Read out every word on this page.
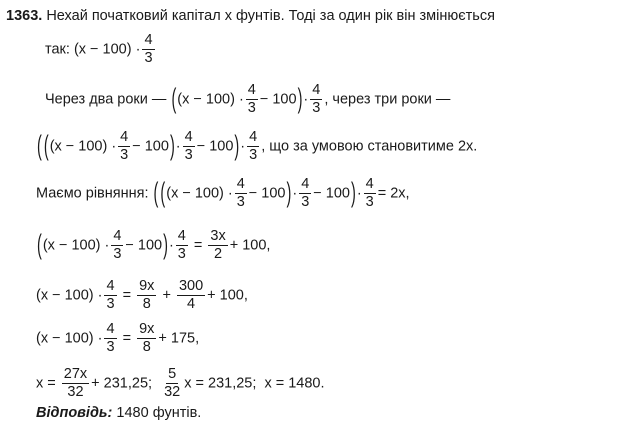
1363. Нехай початковий капітал x фунтів. Тоді за один рік він змінюється
так: $(x - 100) \cdot \frac{4}{3}$
Через два роки — $((x - 100) \cdot \frac{4}{3} - 100)\cdot \frac{4}{3}$ , через три роки —
( $((x - 100) \cdot \frac{4}{3} - 100)\cdot \frac{4}{3} - 100)\cdot \frac{4}{3}$ , що за умовою становитиме 2x.
Маємо рівняння: ( $((x - 100) \cdot \frac{4}{3} - 100)\cdot \frac{4}{3} - 100)\cdot \frac{4}{3} = 2x$,
$((x - 100) \cdot \frac{4}{3} - 100)\cdot \frac{4}{3} = \frac{3x}{2} + 100$,
$(x - 100) \cdot \frac{4}{3} = \frac{9x}{8} + \frac{300}{4} + 100$,
$(x - 100) \cdot \frac{4}{3} = \frac{9x}{8} + 175$,
$x = \frac{27x}{32} + 231,25$; $\frac{5}{32}$ x = 231,25; x = 1480.
Відповідь: 1480 фунтів.
